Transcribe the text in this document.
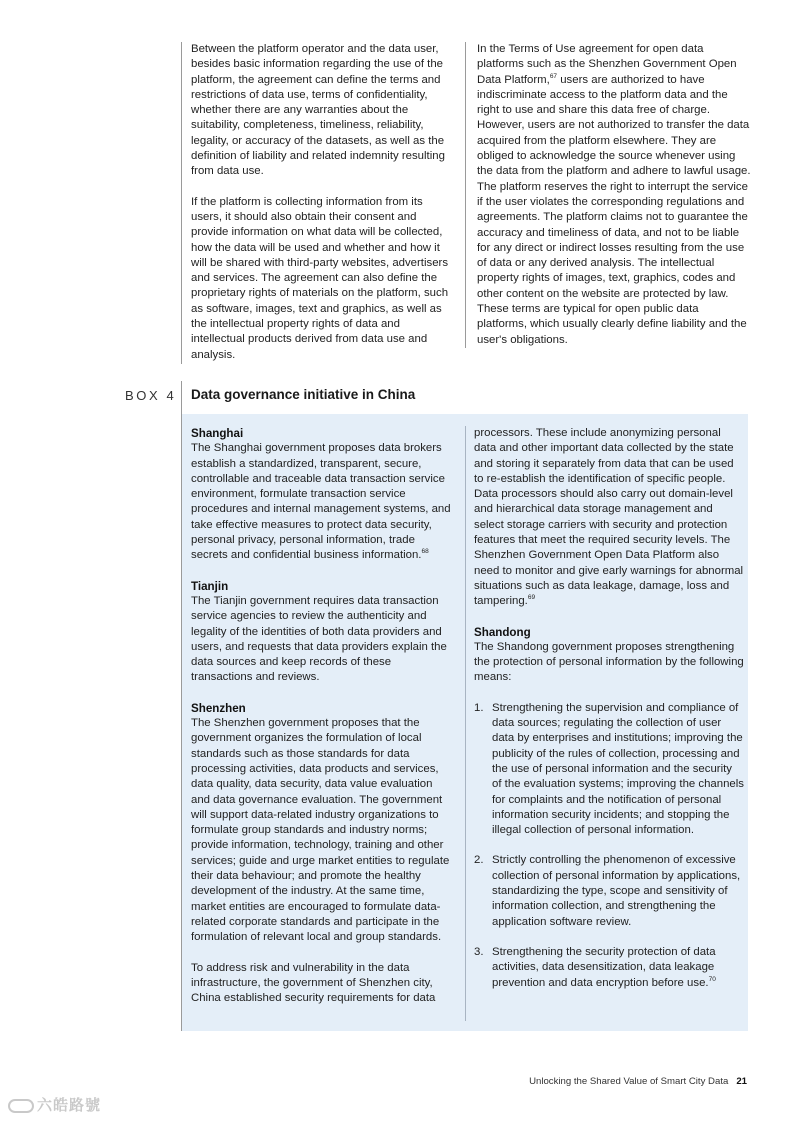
Between the platform operator and the data user, besides basic information regarding the use of the platform, the agreement can define the terms and restrictions of data use, terms of confidentiality, whether there are any warranties about the suitability, completeness, timeliness, reliability, legality, or accuracy of the datasets, as well as the definition of liability and related indemnity resulting from data use.

If the platform is collecting information from its users, it should also obtain their consent and provide information on what data will be collected, how the data will be used and whether and how it will be shared with third-party websites, advertisers and services. The agreement can also define the proprietary rights of materials on the platform, such as software, images, text and graphics, as well as the intellectual property rights of data and intellectual products derived from data use and analysis.

In the Terms of Use agreement for open data platforms such as the Shenzhen Government Open Data Platform,$^{67}$ users are authorized to have indiscriminate access to the platform data and the right to use and share this data free of charge. However, users are not authorized to transfer the data acquired from the platform elsewhere. They are obliged to acknowledge the source whenever using the data from the platform and adhere to lawful usage. The platform reserves the right to interrupt the service if the user violates the corresponding regulations and agreements. The platform claims not to guarantee the accuracy and timeliness of data, and not to be liable for any direct or indirect losses resulting from the use of data or any derived analysis. The intellectual property rights of images, text, graphics, codes and other content on the website are protected by law. These terms are typical for open public data platforms, which usually clearly define liability and the user's obligations.

BOX 4 Data governance initiative in China
Shanghai

The Shanghai government proposes data brokers establish a standardized, transparent, secure, controllable and traceable data transaction service environment, formulate transaction service procedures and internal management systems, and take effective measures to protect data security, personal privacy, personal information, trade secrets and confidential business information.$^{68}$

Tianjin

The Tianjin government requires data transaction service agencies to review the authenticity and legality of the identities of both data providers and users, and requests that data providers explain the data sources and keep records of these transactions and reviews.

Shenzhen

The Shenzhen government proposes that the government organizes the formulation of local standards such as those standards for data processing activities, data products and services, data quality, data security, data value evaluation and data governance evaluation. The government will support data-related industry organizations to formulate group standards and industry norms; provide information, technology, training and other services; guide and urge market entities to regulate their data behaviour; and promote the healthy development of the industry. At the same time, market entities are encouraged to formulate data-related corporate standards and participate in the formulation of relevant local and group standards.

To address risk and vulnerability in the data infrastructure, the government of Shenzhen city, China established security requirements for data

processors. These include anonymizing personal data and other important data collected by the state and storing it separately from data that can be used to re-establish the identification of specific people. Data processors should also carry out domain-level and hierarchical data storage management and select storage carriers with security and protection features that meet the required security levels. The Shenzhen Government Open Data Platform also need to monitor and give early warnings for abnormal situations such as data leakage, damage, loss and tampering.$^{69}$

Shandong

The Shandong government proposes strengthening the protection of personal information by the following means:

1. Strengthening the supervision and compliance of data sources; regulating the collection of user data by enterprises and institutions; improving the publicity of the rules of collection, processing and the use of personal information and the security of the evaluation systems; improving the channels for complaints and the notification of personal information security incidents; and stopping the illegal collection of personal information.
2. Strictly controlling the phenomenon of excessive collection of personal information by applications, standardizing the type, scope and sensitivity of information collection, and strengthening the application software review.
3. Strengthening the security protection of data activities, data desensitization, data leakage prevention and data encryption before use.$^{70}$
Unlocking the Shared Value of Smart City Data 21
六皓路號
